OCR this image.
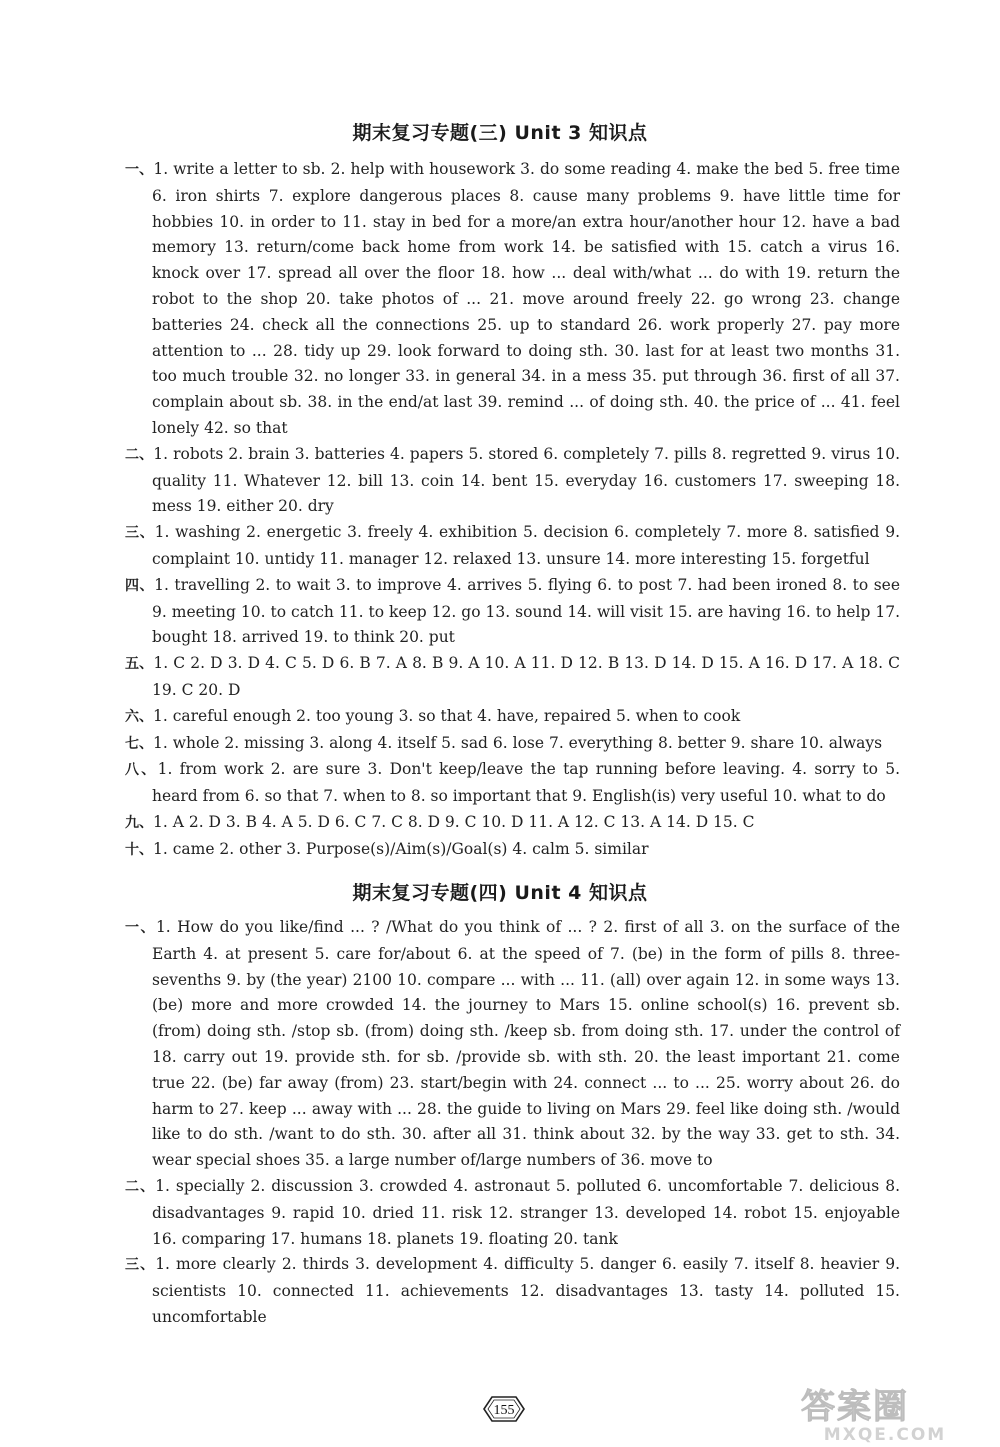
期末复习专题(三) Unit 3 知识点

一、1. write a letter to sb. 2. help with housework 3. do some reading 4. make the bed 5. free time 6. iron shirts 7. explore dangerous places 8. cause many problems 9. have little time for hobbies 10. in order to 11. stay in bed for a more/an extra hour/another hour 12. have a bad memory 13. return/come back home from work 14. be satisfied with 15. catch a virus 16. knock over 17. spread all over the floor 18. how ... deal with/what ... do with 19. return the robot to the shop 20. take photos of ... 21. move around freely 22. go wrong 23. change batteries 24. check all the connections 25. up to standard 26. work properly 27. pay more attention to ... 28. tidy up 29. look forward to doing sth. 30. last for at least two months 31. too much trouble 32. no longer 33. in general 34. in a mess 35. put through 36. first of all 37. complain about sb. 38. in the end/at last 39. remind ... of doing sth. 40. the price of ... 41. feel lonely 42. so that

二、1. robots 2. brain 3. batteries 4. papers 5. stored 6. completely 7. pills 8. regretted 9. virus 10. quality 11. Whatever 12. bill 13. coin 14. bent 15. everyday 16. customers 17. sweeping 18. mess 19. either 20. dry

三、1. washing 2. energetic 3. freely 4. exhibition 5. decision 6. completely 7. more 8. satisfied 9. complaint 10. untidy 11. manager 12. relaxed 13. unsure 14. more interesting 15. forgetful

四、1. travelling 2. to wait 3. to improve 4. arrives 5. flying 6. to post 7. had been ironed 8. to see 9. meeting 10. to catch 11. to keep 12. go 13. sound 14. will visit 15. are having 16. to help 17. bought 18. arrived 19. to think 20. put

五、1. C 2. D 3. D 4. C 5. D 6. B 7. A 8. B 9. A 10. A 11. D 12. B 13. D 14. D 15. A 16. D 17. A 18. C 19. C 20. D

六、1. careful enough 2. too young 3. so that 4. have, repaired 5. when to cook

七、1. whole 2. missing 3. along 4. itself 5. sad 6. lose 7. everything 8. better 9. share 10. always

八、1. from work 2. are sure 3. Don't keep/leave the tap running before leaving. 4. sorry to 5. heard from 6. so that 7. when to 8. so important that 9. English(is) very useful 10. what to do

九、1. A 2. D 3. B 4. A 5. D 6. C 7. C 8. D 9. C 10. D 11. A 12. C 13. A 14. D 15. C

十、1. came 2. other 3. Purpose(s)/Aim(s)/Goal(s) 4. calm 5. similar

期末复习专题(四) Unit 4 知识点

一、1. How do you like/find ... ? /What do you think of ... ? 2. first of all 3. on the surface of the Earth 4. at present 5. care for/about 6. at the speed of 7. (be) in the form of pills 8. three-sevenths 9. by (the year) 2100 10. compare ... with ... 11. (all) over again 12. in some ways 13. (be) more and more crowded 14. the journey to Mars 15. online school(s) 16. prevent sb. (from) doing sth. /stop sb. (from) doing sth. /keep sb. from doing sth. 17. under the control of 18. carry out 19. provide sth. for sb. /provide sb. with sth. 20. the least important 21. come true 22. (be) far away (from) 23. start/begin with 24. connect ... to ... 25. worry about 26. do harm to 27. keep ... away with ... 28. the guide to living on Mars 29. feel like doing sth. /would like to do sth. /want to do sth. 30. after all 31. think about 32. by the way 33. get to sth. 34. wear special shoes 35. a large number of/large numbers of 36. move to

二、1. specially 2. discussion 3. crowded 4. astronaut 5. polluted 6. uncomfortable 7. delicious 8. disadvantages 9. rapid 10. dried 11. risk 12. stranger 13. developed 14. robot 15. enjoyable 16. comparing 17. humans 18. planets 19. floating 20. tank

三、1. more clearly 2. thirds 3. development 4. difficulty 5. danger 6. easily 7. itself 8. heavier 9. scientists 10. connected 11. achievements 12. disadvantages 13. tasty 14. polluted 15. uncomfortable

155	答案圈
MXQE.COM
